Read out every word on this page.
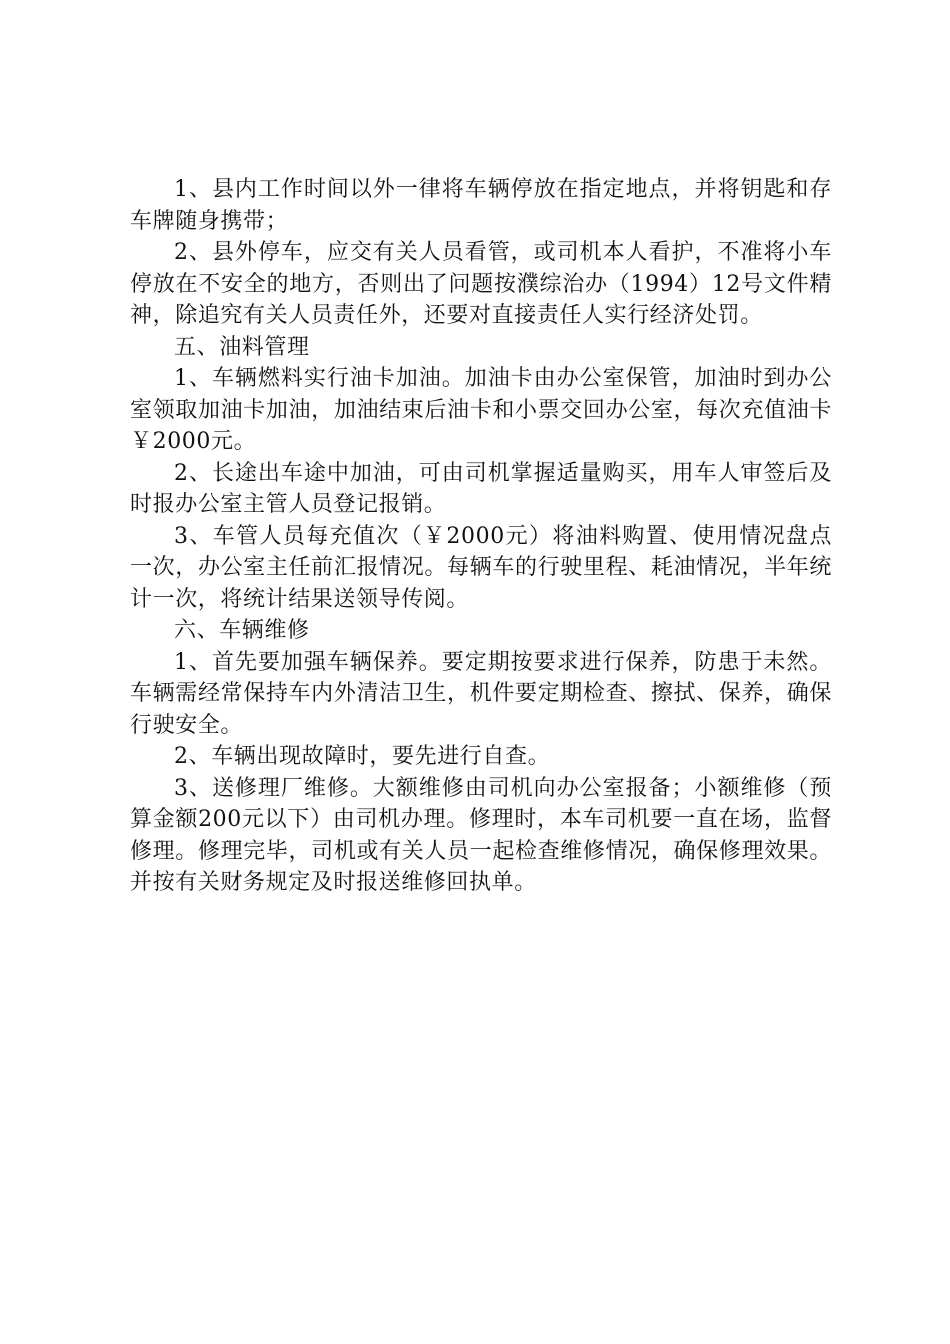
1、县内工作时间以外一律将车辆停放在指定地点，并将钥匙和存车牌随身携带；

2、县外停车，应交有关人员看管，或司机本人看护，不准将小车停放在不安全的地方，否则出了问题按濮综治办（1994）12号文件精神，除追究有关人员责任外，还要对直接责任人实行经济处罚。

五、油料管理

1、车辆燃料实行油卡加油。加油卡由办公室保管，加油时到办公室领取加油卡加油，加油结束后油卡和小票交回办公室，每次充值油卡￥2000元。

2、长途出车途中加油，可由司机掌握适量购买，用车人审签后及时报办公室主管人员登记报销。

3、车管人员每充值次（￥2000元）将油料购置、使用情况盘点一次，办公室主任前汇报情况。每辆车的行驶里程、耗油情况，半年统计一次，将统计结果送领导传阅。

六、车辆维修

1、首先要加强车辆保养。要定期按要求进行保养，防患于未然。车辆需经常保持车内外清洁卫生，机件要定期检查、擦拭、保养，确保行驶安全。

2、车辆出现故障时，要先进行自查。

3、送修理厂维修。大额维修由司机向办公室报备；小额维修（预算金额200元以下）由司机办理。修理时，本车司机要一直在场，监督修理。修理完毕，司机或有关人员一起检查维修情况，确保修理效果。并按有关财务规定及时报送维修回执单。
